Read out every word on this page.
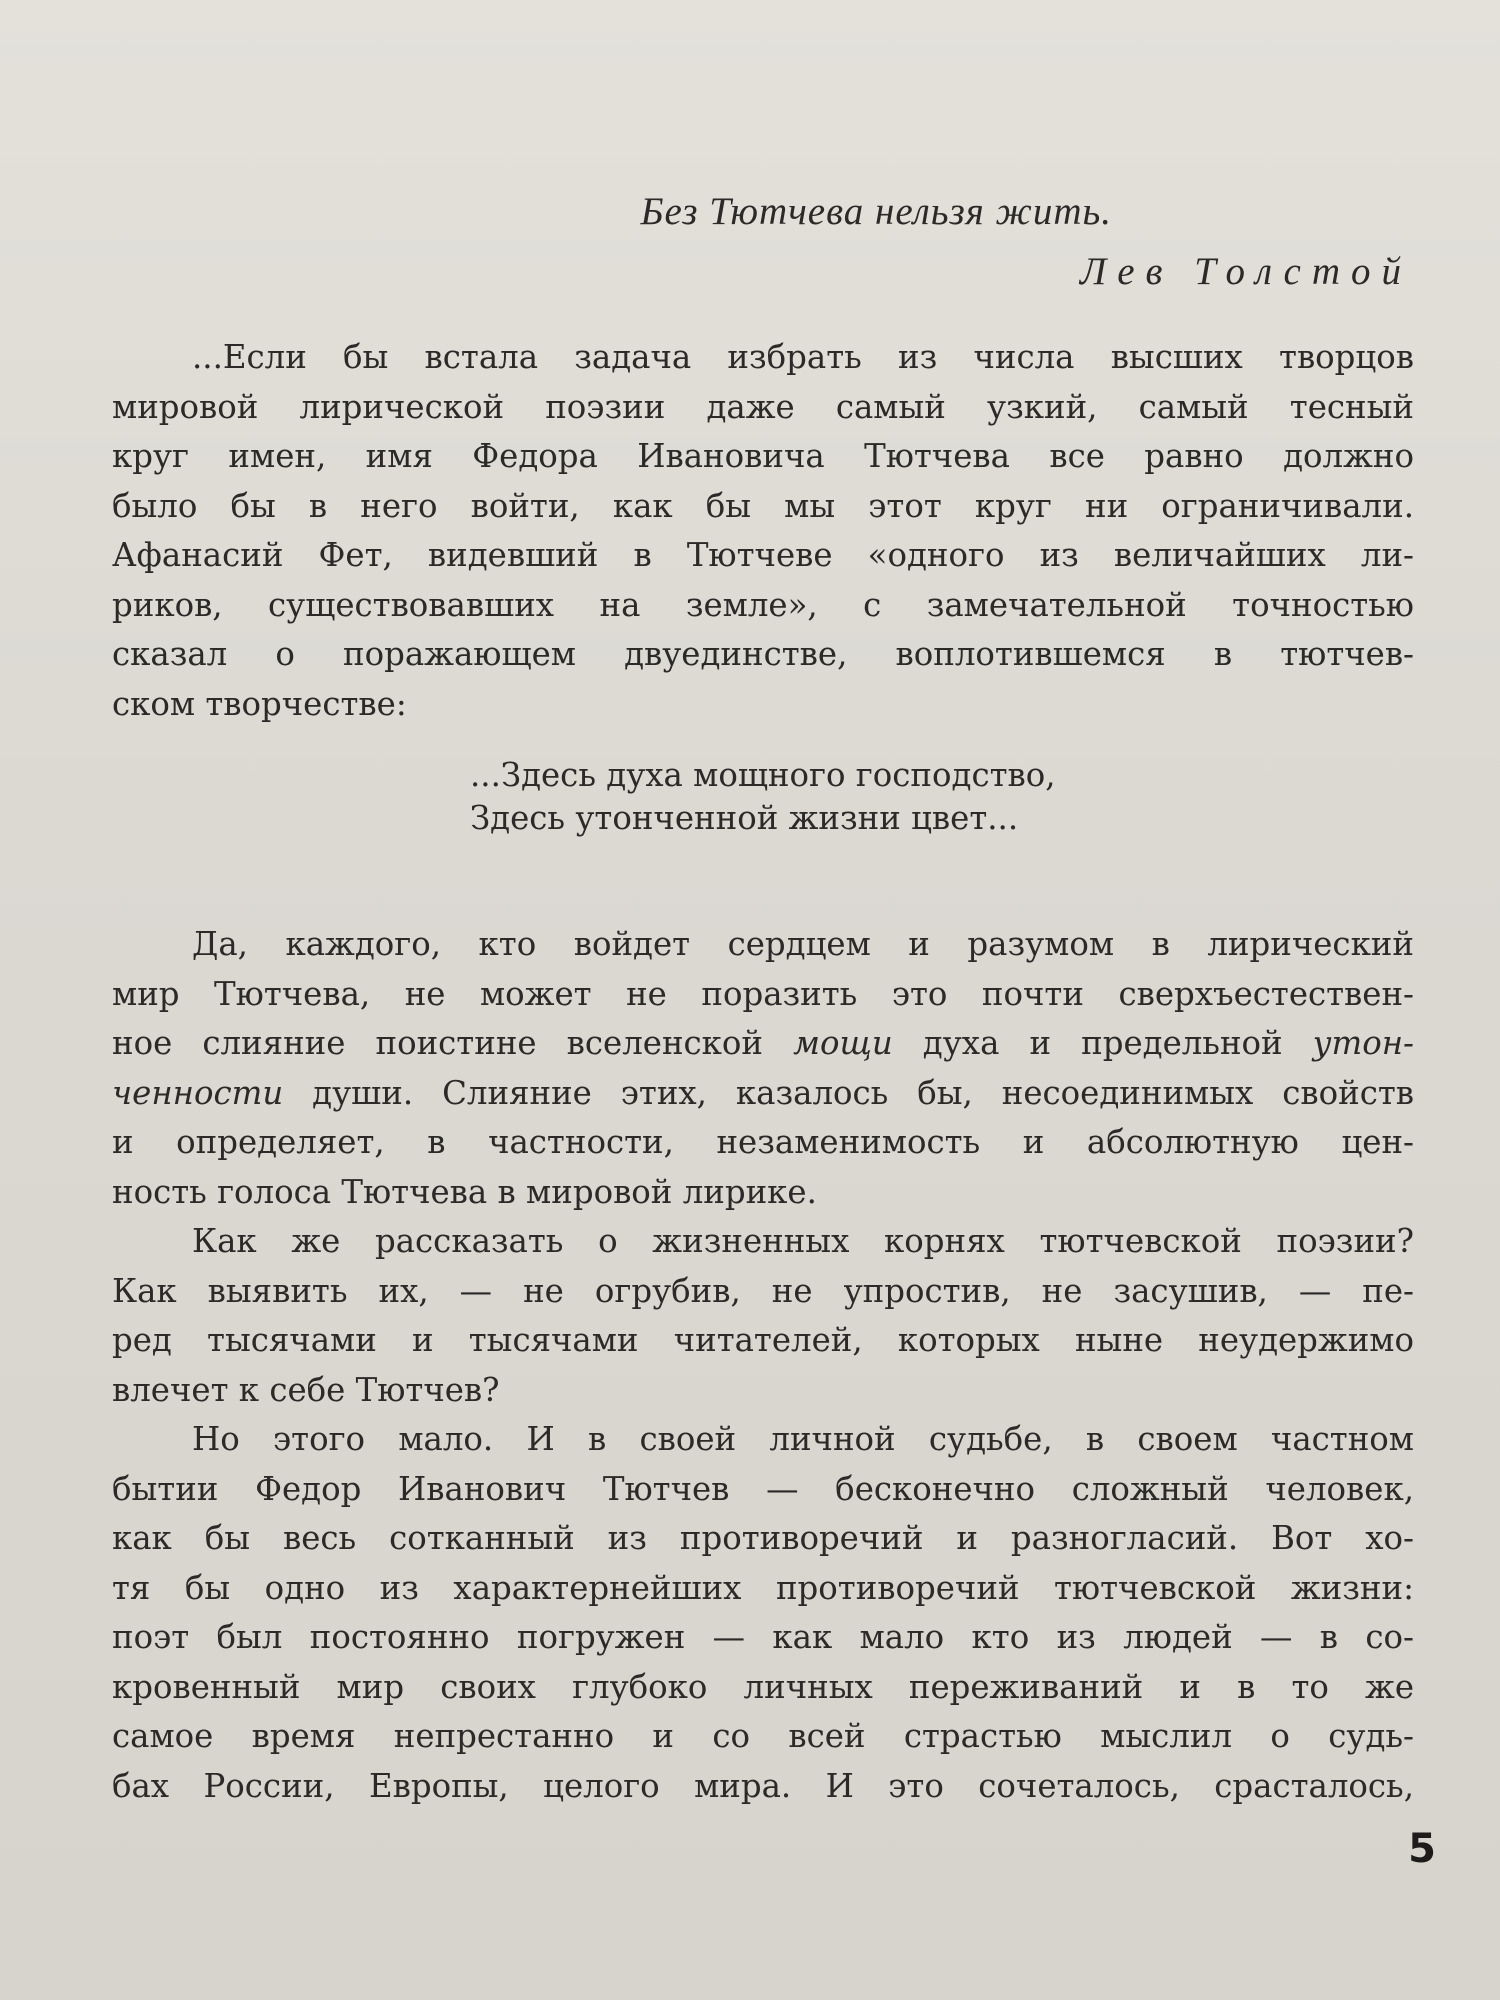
Без Тютчева нельзя жить.
Лев Толстой
...Если бы встала задача избрать из числа высших творцов
мировой лирической поэзии даже самый узкий, самый тесный
круг имен, имя Федора Ивановича Тютчева все равно должно
было бы в него войти, как бы мы этот круг ни ограничивали.
Афанасий Фет, видевший в Тютчеве «одного из величайших ли-
риков, существовавших на земле», с замечательной точностью
сказал о поражающем двуединстве, воплотившемся в тютчев-
ском творчестве:
...Здесь духа мощного господство,
Здесь утонченной жизни цвет...
Да, каждого, кто войдет сердцем и разумом в лирический
мир Тютчева, не может не поразить это почти сверхъестествен-
ное слияние поистине вселенской мощи духа и предельной утон-
ченности души. Слияние этих, казалось бы, несоединимых свойств
и определяет, в частности, незаменимость и абсолютную цен-
ность голоса Тютчева в мировой лирике.
Как же рассказать о жизненных корнях тютчевской поэзии?
Как выявить их, — не огрубив, не упростив, не засушив, — пе-
ред тысячами и тысячами читателей, которых ныне неудержимо
влечет к себе Тютчев?
Но этого мало. И в своей личной судьбе, в своем частном
бытии Федор Иванович Тютчев — бесконечно сложный человек,
как бы весь сотканный из противоречий и разногласий. Вот хо-
тя бы одно из характернейших противоречий тютчевской жизни:
поэт был постоянно погружен — как мало кто из людей — в со-
кровенный мир своих глубоко личных переживаний и в то же
самое время непрестанно и со всей страстью мыслил о судь-
бах России, Европы, целого мира. И это сочеталось, срасталось,
5
